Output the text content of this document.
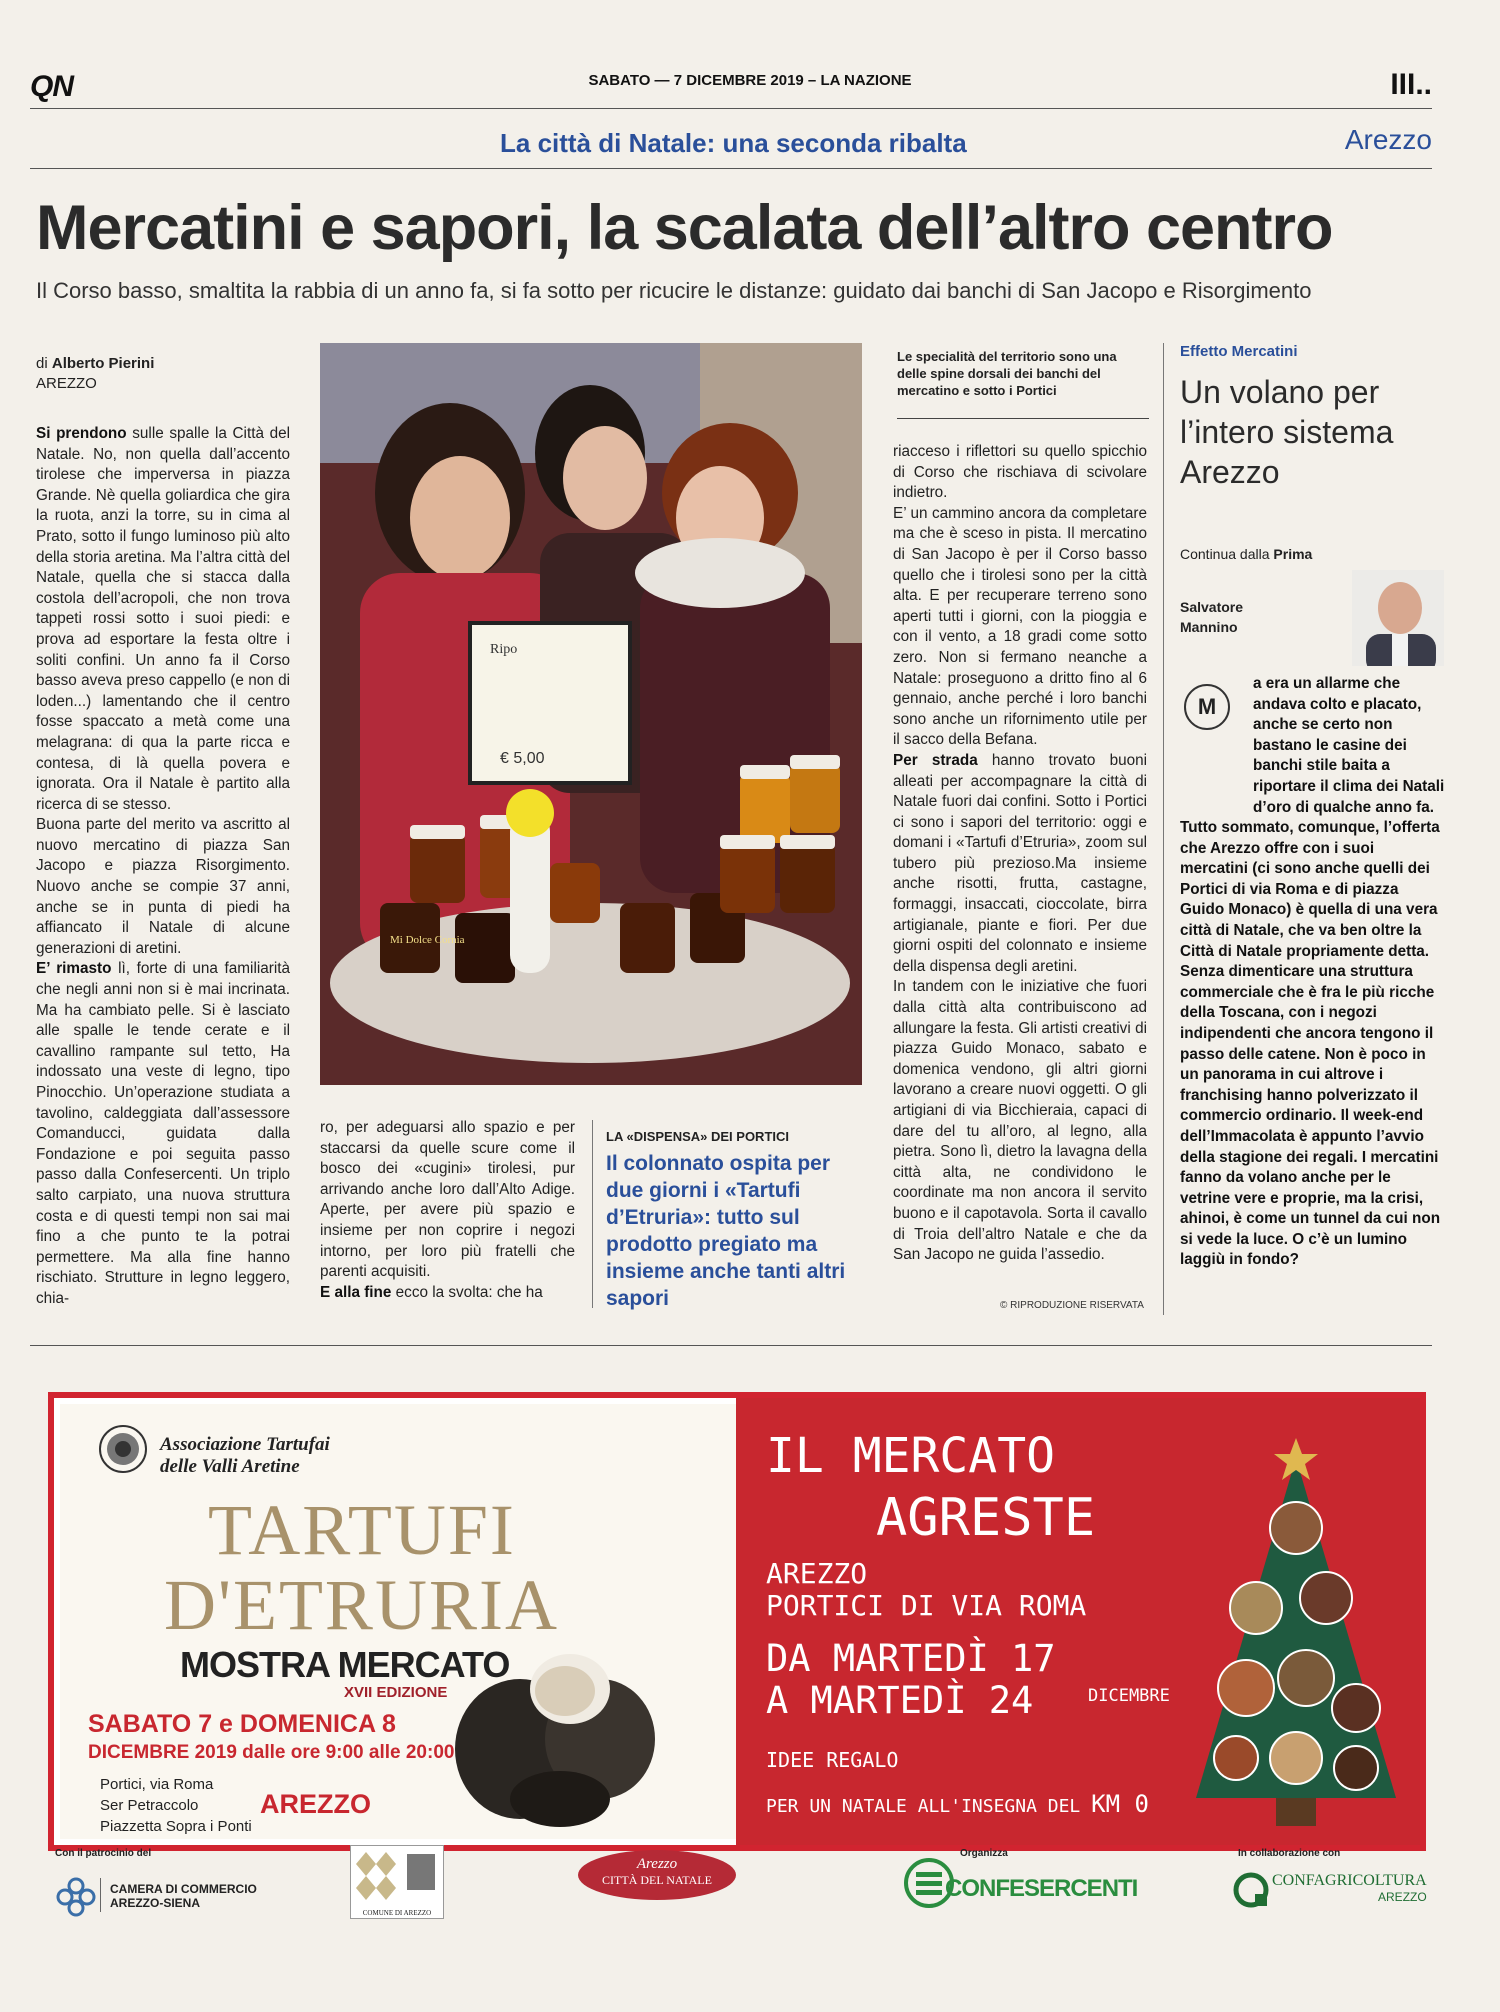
QN	SABATO — 7 DICEMBRE 2019 – LA NAZIONE	III..
La città di Natale: una seconda ribalta	Arezzo
Mercatini e sapori, la scalata dell’altro centro
Il Corso basso, smaltita la rabbia di un anno fa, si fa sotto per ricucire le distanze: guidato dai banchi di San Jacopo e Risorgimento
di Alberto Pierini
AREZZO

Si prendono sulle spalle la Città del Natale. No, non quella dall’accento tirolese che imperversa in piazza Grande. Nè quella goliardica che gira la ruota, anzi la torre, su in cima al Prato, sotto il fungo luminoso più alto della storia aretina. Ma l’altra città del Natale, quella che si stacca dalla costola dell’acropoli, che non trova tappeti rossi sotto i suoi piedi: e prova ad esportare la festa oltre i soliti confini. Un anno fa il Corso basso aveva preso cappello (e non di loden...) lamentando che il centro fosse spaccato a metà come una melagrana: di qua la parte ricca e contesa, di là quella povera e ignorata. Ora il Natale è partito alla ricerca di se stesso.

Buona parte del merito va ascritto al nuovo mercatino di piazza San Jacopo e piazza Risorgimento. Nuovo anche se compie 37 anni, anche se in punta di piedi ha affiancato il Natale di alcune generazioni di aretini.

E’ rimasto lì, forte di una familiarità che negli anni non si è mai incrinata. Ma ha cambiato pelle. Si è lasciato alle spalle le tende cerate e il cavallino rampante sul tetto, Ha indossato una veste di legno, tipo Pinocchio. Un’operazione studiata a tavolino, caldeggiata dall’assessore Comanducci, guidata dalla Fondazione e poi seguita passo passo dalla Confesercenti. Un triplo salto carpiato, una nuova struttura costa e di questi tempi non sai mai fino a che punto te la potrai permettere. Ma alla fine hanno rischiato. Strutture in legno leggero, chia-

Ripo
€ 5,00
Mi Dolce Cornia

ro, per adeguarsi allo spazio e per staccarsi da quelle scure come il bosco dei «cugini» tirolesi, pur arrivando anche loro dall’Alto Adige. Aperte, per avere più spazio e insieme per non coprire i negozi intorno, per loro più fratelli che parenti acquisiti.

E alla fine ecco la svolta: che ha

LA «DISPENSA» DEI PORTICI
Il colonnato ospita per due giorni i «Tartufi d’Etruria»: tutto sul prodotto pregiato ma insieme anche tanti altri sapori
Le specialità del territorio sono una delle spine dorsali dei banchi del mercatino e sotto i Portici

riacceso i riflettori su quello spicchio di Corso che rischiava di scivolare indietro.

E’ un cammino ancora da completare ma che è sceso in pista. Il mercatino di San Jacopo è per il Corso basso quello che i tirolesi sono per la città alta. E per recuperare terreno sono aperti tutti i giorni, con la pioggia e con il vento, a 18 gradi come sotto zero. Non si fermano neanche a Natale: proseguono a dritto fino al 6 gennaio, anche perché i loro banchi sono anche un rifornimento utile per il sacco della Befana.

Per strada hanno trovato buoni alleati per accompagnare la città di Natale fuori dai confini. Sotto i Portici ci sono i sapori del territorio: oggi e domani i «Tartufi d’Etruria», zoom sul tubero più prezioso.Ma insieme anche risotti, frutta, castagne, formaggi, insaccati, cioccolate, birra artigianale, piante e fiori. Per due giorni ospiti del colonnato e insieme della dispensa degli aretini.

In tandem con le iniziative che fuori dalla città alta contribuiscono ad allungare la festa. Gli artisti creativi di piazza Guido Monaco, sabato e domenica vendono, gli altri giorni lavorano a creare nuovi oggetti. O gli artigiani di via Bicchieraia, capaci di dare del tu all’oro, al legno, alla pietra. Sono lì, dietro la lavagna della città alta, ne condividono le coordinate ma non ancora il servito buono e il capotavola. Sorta il cavallo di Troia dell’altro Natale e che da San Jacopo ne guida l’assedio.

© RIPRODUZIONE RISERVATA
Effetto Mercatini
Un volano per l’intero sistema Arezzo
Continua dalla Prima
Salvatore
Mannino
M
a era un allarme che andava colto e placato, anche se certo non bastano le casine dei banchi stile baita a riportare il clima dei Natali d’oro di qualche anno fa.
Tutto sommato, comunque, l’offerta che Arezzo offre con i suoi mercatini (ci sono anche quelli dei Portici di via Roma e di piazza Guido Monaco) è quella di una vera città di Natale, che va ben oltre la Città di Natale propriamente detta. Senza dimenticare una struttura commerciale che è fra le più ricche della Toscana, con i negozi indipendenti che ancora tengono il passo delle catene. Non è poco in un panorama in cui altrove i franchising hanno polverizzato il commercio ordinario. Il week-end dell’Immacolata è appunto l’avvio della stagione dei regali. I mercatini fanno da volano anche per le vetrine vere e proprie, ma la crisi, ahinoi, è come un tunnel da cui non si vede la luce. O c’è un lumino laggiù in fondo?
Associazione Tartufai
delle Valli Aretine
TARTUFI
D'ETRURIA
MOSTRA MERCATO
XVII EDIZIONE
SABATO 7 e DOMENICA 8
DICEMBRE 2019 dalle ore 9:00 alle 20:00
Portici, via Roma
Ser Petraccolo
Piazzetta Sopra i Ponti
AREZZO
IL MERCATO
AGRESTE
AREZZO
PORTICI DI VIA ROMA
DA MARTEDÌ 17
A MARTEDÌ 24	DICEMBRE
IDEE REGALO
PER UN NATALE ALL'INSEGNA DEL KM 0
Con il patrocinio del
CAMERA DI COMMERCIO
AREZZO-SIENA
COMUNE DI AREZZO
Arezzo
CITTÀ DEL NATALE
Organizza
CONFESERCENTI
In collaborazione con
CONFAGRICOLTURA
AREZZO
